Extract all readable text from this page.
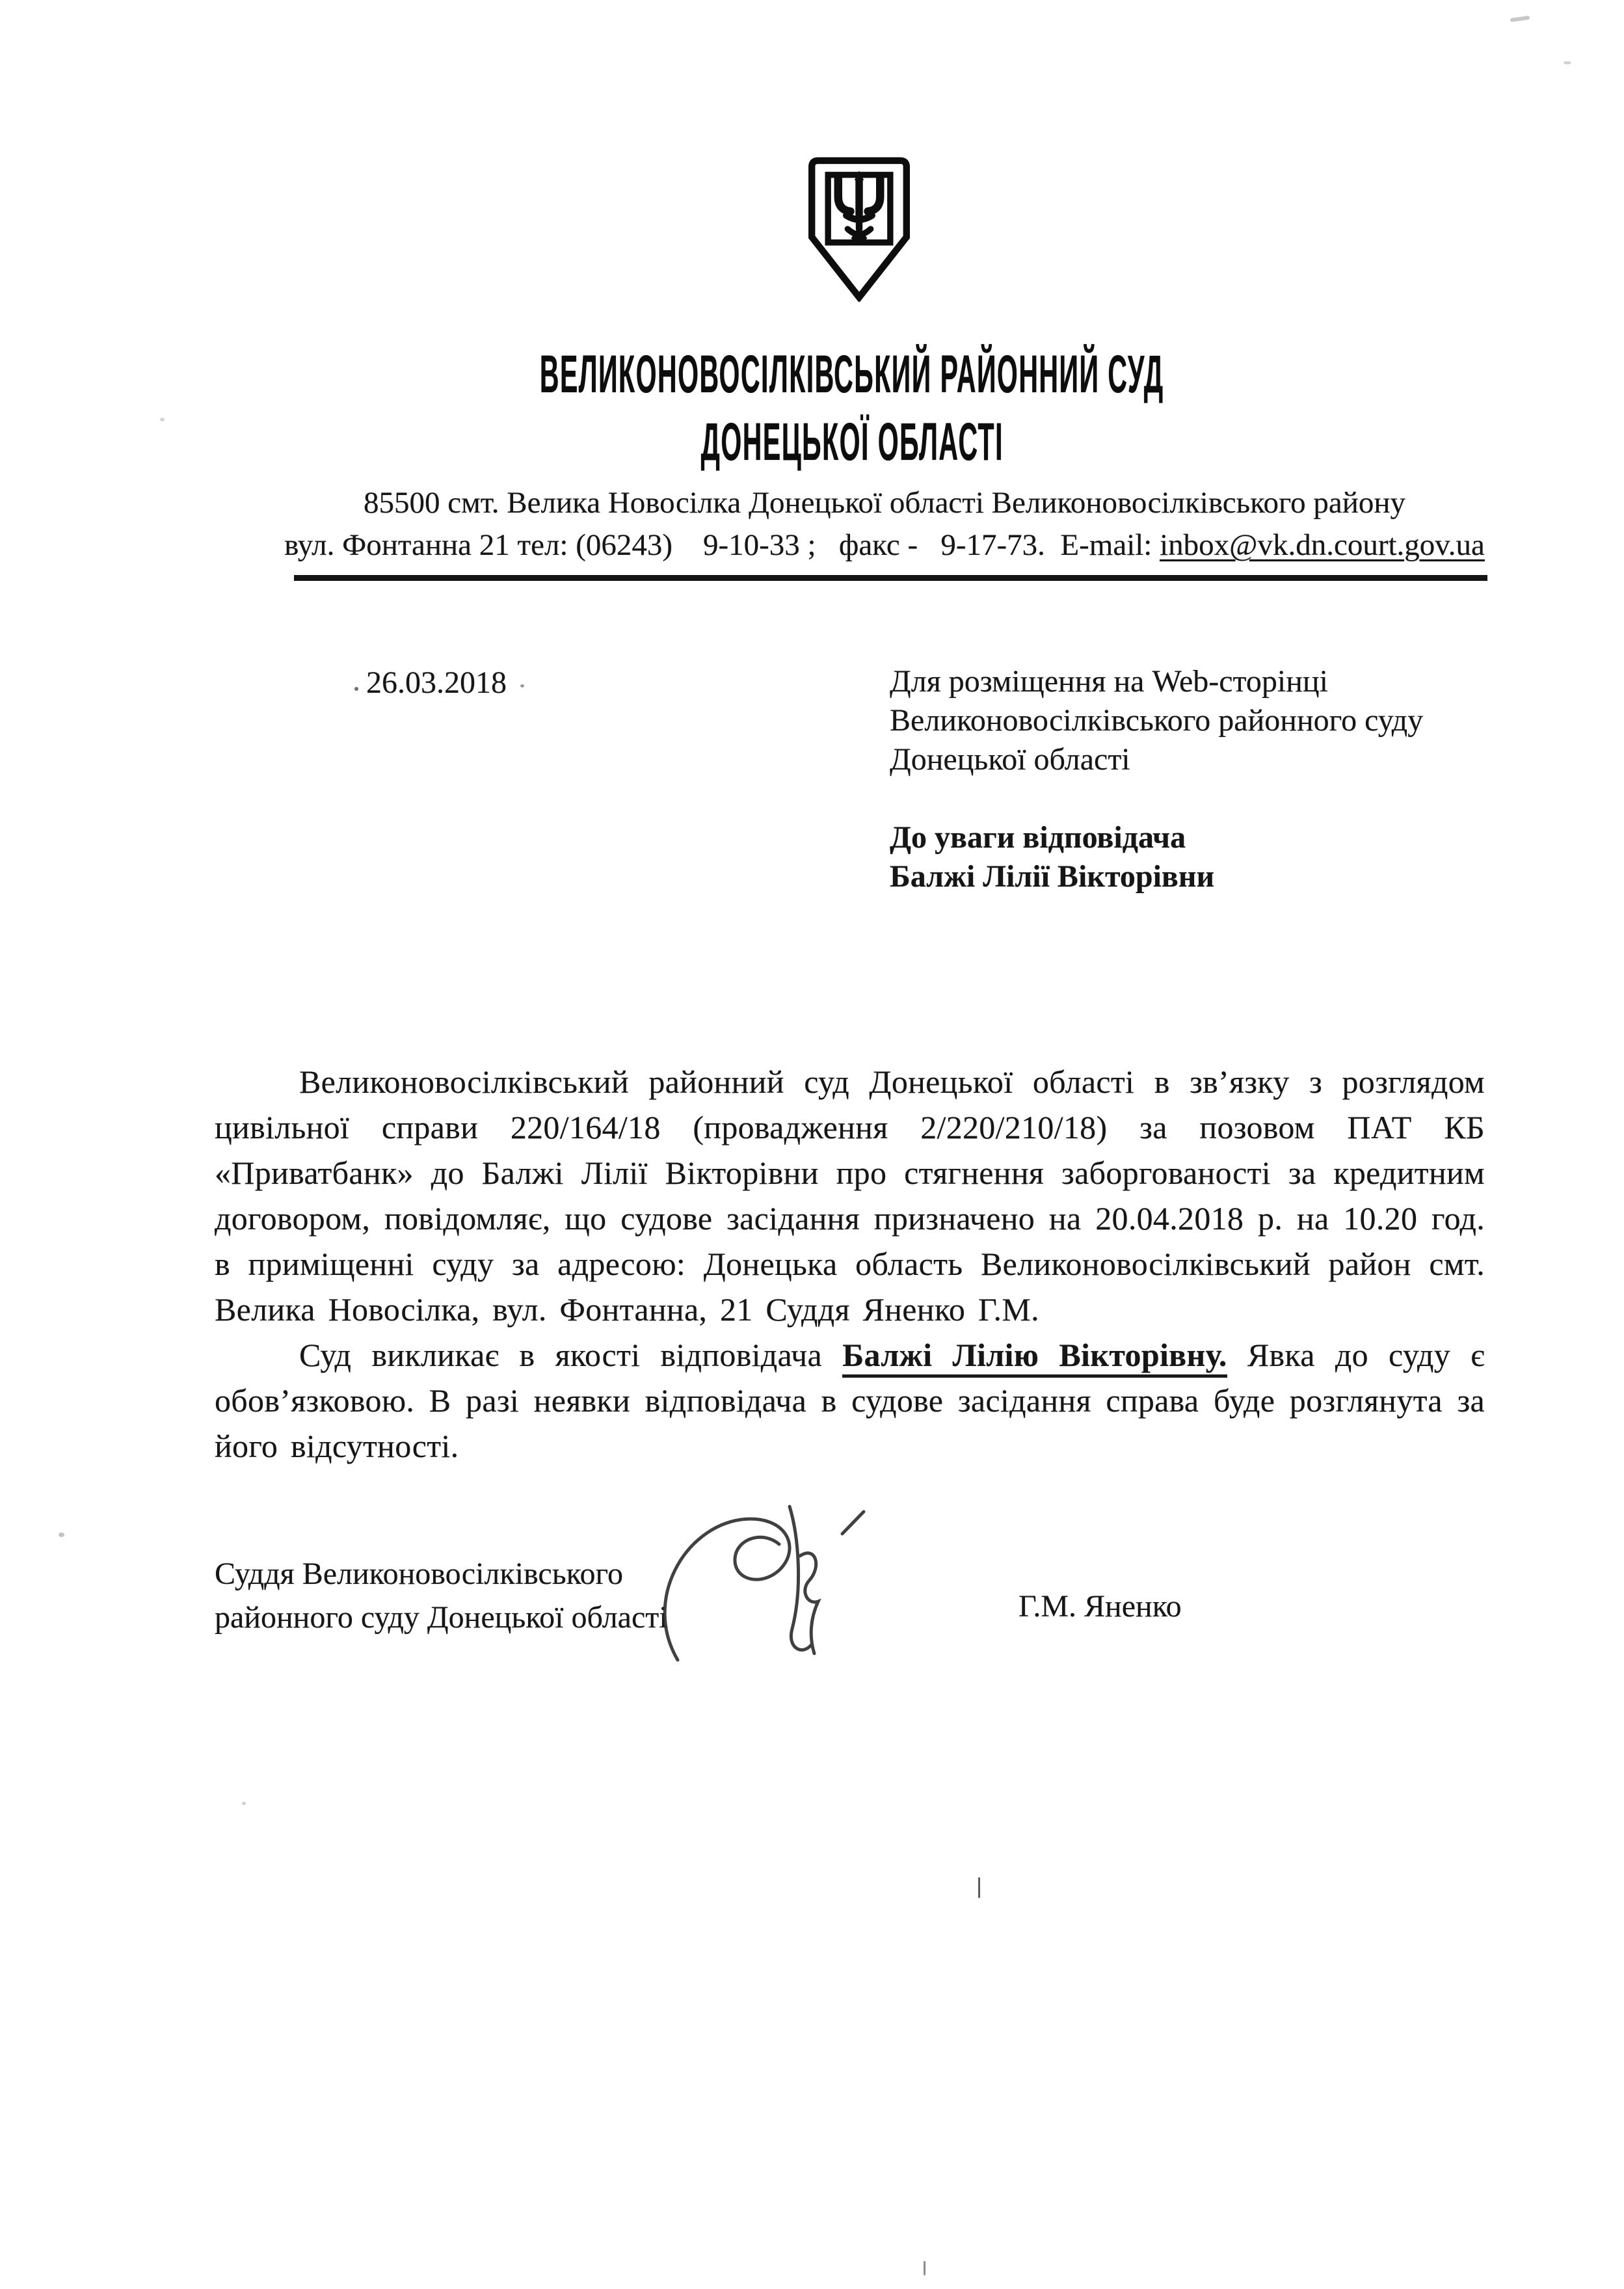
ВЕЛИКОНОВОСІЛКІВСЬКИЙ РАЙОННИЙ СУД
ДОНЕЦЬКОЇ ОБЛАСТІ
85500 смт. Велика Новосілка Донецької області Великоновосілківського району
вул. Фонтанна 21 тел: (06243)    9-10-33 ;   факс -   9-17-73.  E-mail: inbox@vk.dn.court.gov.ua
26.03.2018	Для розміщення на Web-сторінці
Великоновосілківського районного суду
Донецької області
До уваги відповідача
Балжі Лілії Вікторівни

Великоновосілківський районний суд Донецької області в зв’язку з розглядом цивільної справи 220/164/18 (провадження 2/220/210/18) за позовом ПАТ КБ «Приватбанк» до Балжі Лілії Вікторівни про стягнення заборгованості за кредитним договором, повідомляє, що судове засідання призначено на 20.04.2018 р. на 10.20 год. в приміщенні суду за адресою: Донецька область Великоновосілківський район смт. Велика Новосілка, вул. Фонтанна, 21 Суддя Яненко Г.М.

Суд викликає в якості відповідача Балжі Лілію Вікторівну. Явка до суду є обов’язковою. В разі неявки відповідача в судове засідання справа буде розглянута за його відсутності.

Суддя Великоновосілківського
районного суду Донецької області	Г.М. Яненко
